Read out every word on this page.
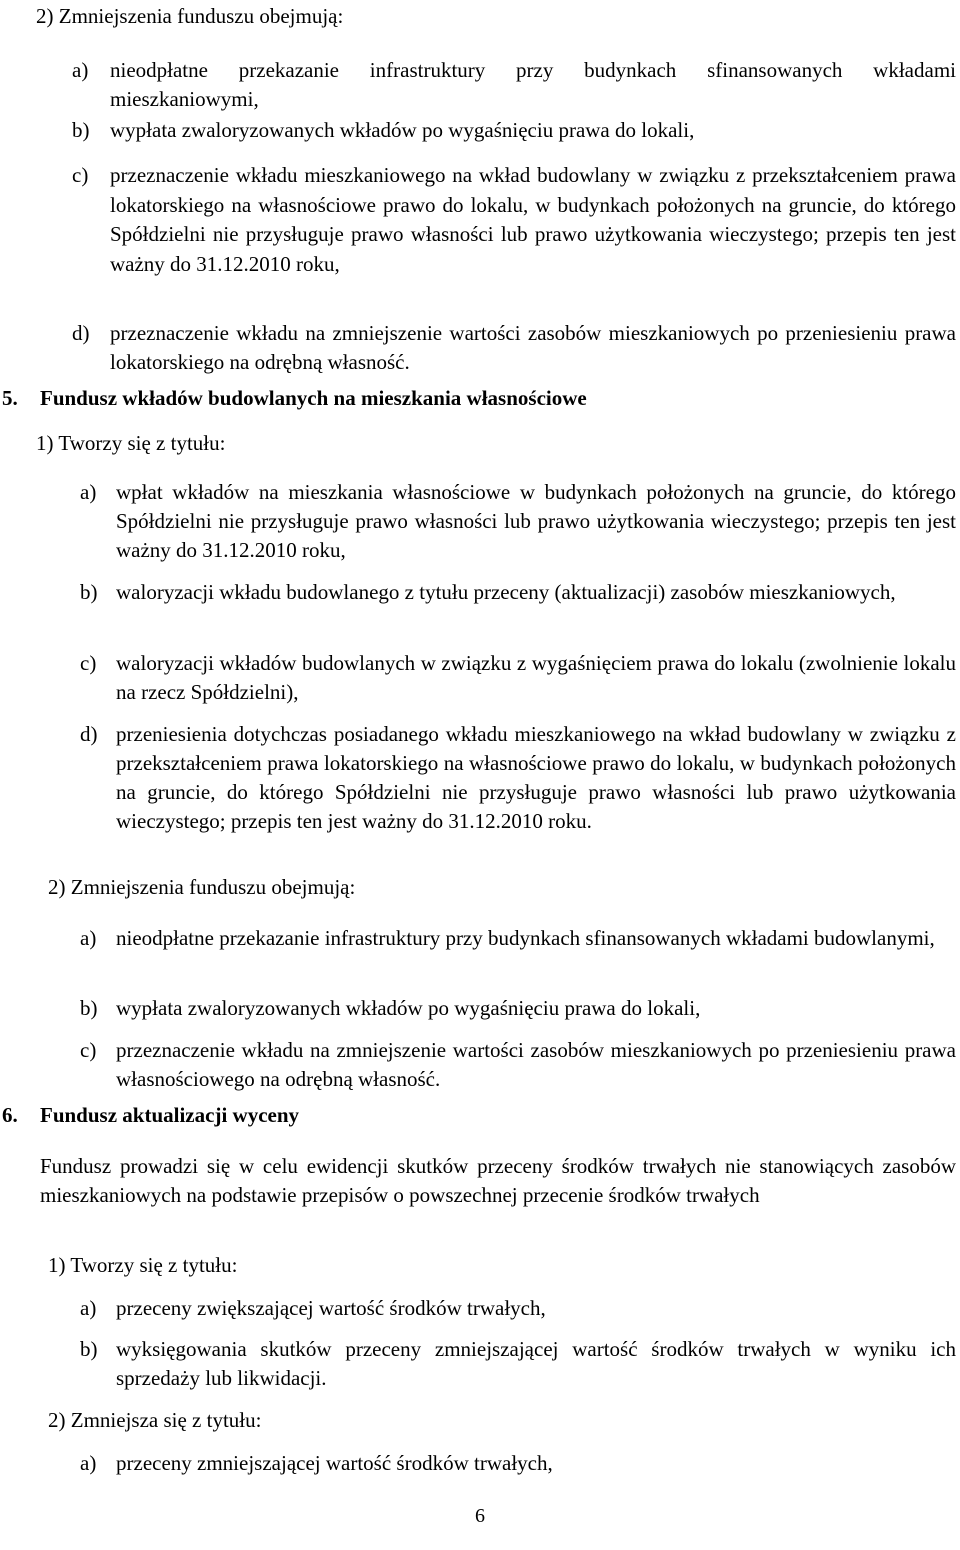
2) Zmniejszenia funduszu obejmują:
a) nieodpłatne przekazanie infrastruktury przy budynkach sfinansowanych wkładami mieszkaniowymi,
b) wypłata zwaloryzowanych wkładów po wygaśnięciu prawa do lokali,
c) przeznaczenie wkładu mieszkaniowego na wkład budowlany w związku z przekształceniem prawa lokatorskiego na własnościowe prawo do lokalu, w budynkach położonych na gruncie, do którego Spółdzielni nie przysługuje prawo własności lub prawo użytkowania wieczystego; przepis ten jest ważny do 31.12.2010 roku,
d) przeznaczenie wkładu na zmniejszenie wartości zasobów mieszkaniowych po przeniesieniu prawa lokatorskiego na odrębną własność.
5. Fundusz wkładów budowlanych na mieszkania własnościowe
1) Tworzy się z tytułu:
a) wpłat wkładów na mieszkania własnościowe w budynkach położonych na gruncie, do którego Spółdzielni nie przysługuje prawo własności lub prawo użytkowania wieczystego; przepis ten jest ważny do 31.12.2010 roku,
b) waloryzacji wkładu budowlanego z tytułu przeceny (aktualizacji) zasobów mieszkaniowych,
c) waloryzacji wkładów budowlanych w związku z wygaśnięciem prawa do lokalu (zwolnienie lokalu na rzecz Spółdzielni),
d) przeniesienia dotychczas posiadanego wkładu mieszkaniowego na wkład budowlany w związku z przekształceniem prawa lokatorskiego na własnościowe prawo do lokalu, w budynkach położonych na gruncie, do którego Spółdzielni nie przysługuje prawo własności lub prawo użytkowania wieczystego; przepis ten jest ważny do 31.12.2010 roku.
2) Zmniejszenia funduszu obejmują:
a) nieodpłatne przekazanie infrastruktury przy budynkach sfinansowanych wkładami budowlanymi,
b) wypłata zwaloryzowanych wkładów po wygaśnięciu prawa do lokali,
c) przeznaczenie wkładu na zmniejszenie wartości zasobów mieszkaniowych po przeniesieniu prawa własnościowego na odrębną własność.
6. Fundusz aktualizacji wyceny
Fundusz prowadzi się w celu ewidencji skutków przeceny środków trwałych nie stanowiących zasobów mieszkaniowych na podstawie przepisów o powszechnej przecenie środków trwałych
1) Tworzy się z tytułu:
a) przeceny zwiększającej wartość środków trwałych,
b) wyksięgowania skutków przeceny zmniejszającej wartość środków trwałych w wyniku ich sprzedaży lub likwidacji.
2) Zmniejsza się z tytułu:
a) przeceny zmniejszającej wartość środków trwałych,
6
